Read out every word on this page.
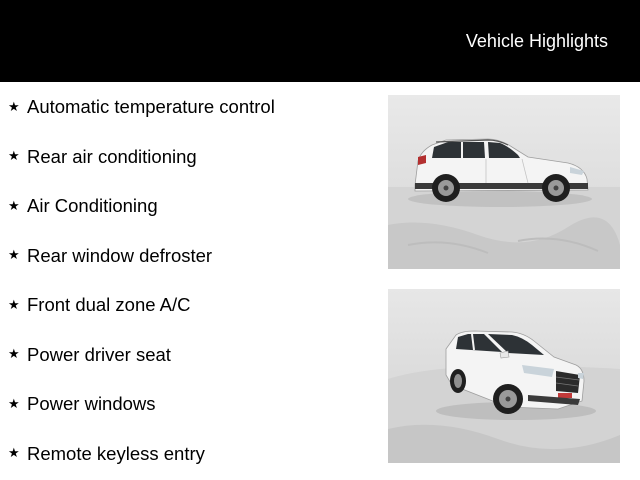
Vehicle Highlights
★ Automatic temperature control
★ Rear air conditioning
★ Air Conditioning
★ Rear window defroster
★ Front dual zone A/C
★ Power driver seat
★ Power windows
★ Remote keyless entry
